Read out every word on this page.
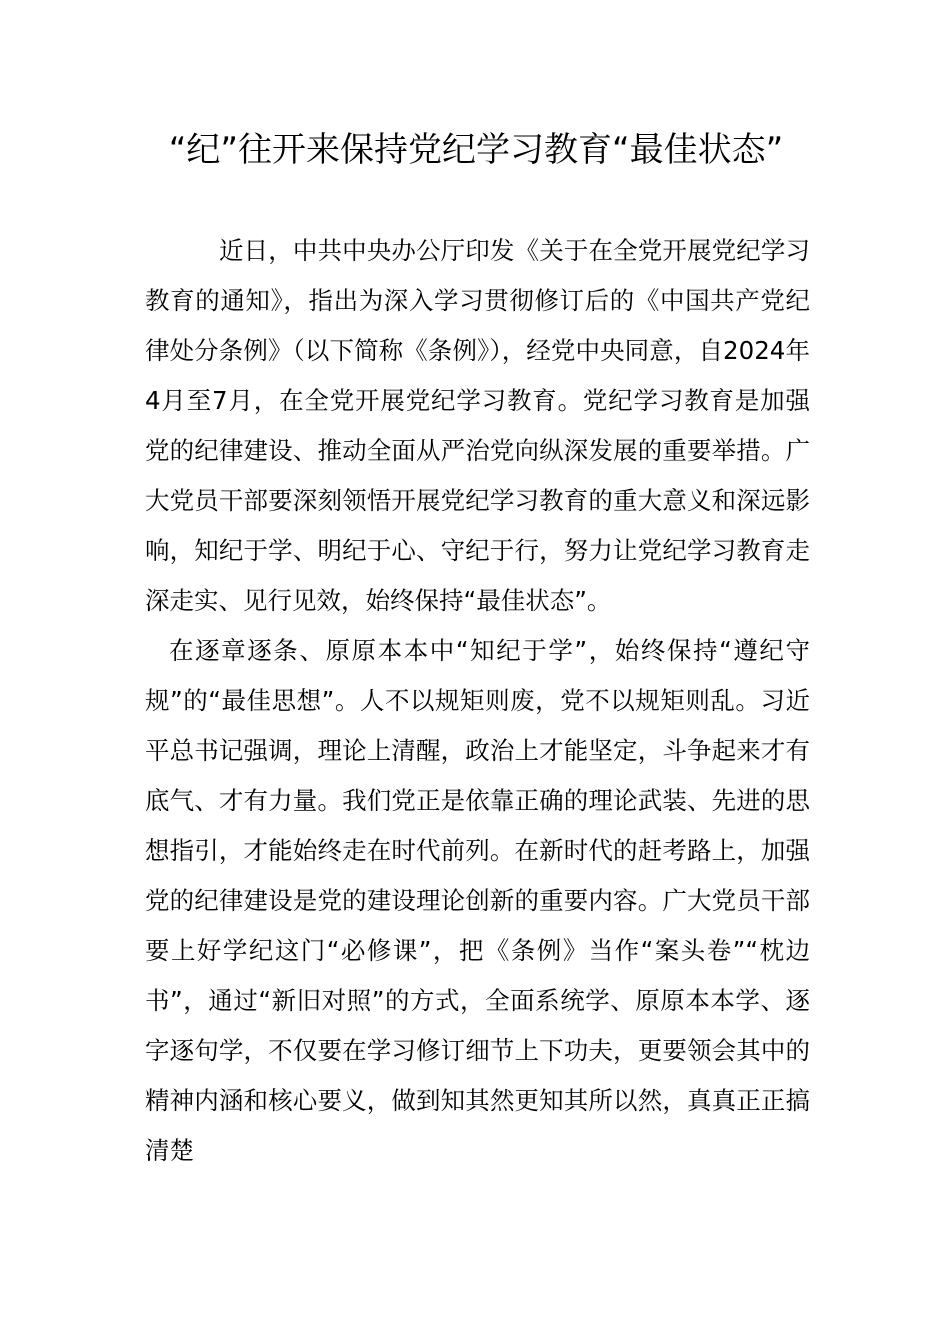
“纪”往开来保持党纪学习教育“最佳状态”

近日，中共中央办公厅印发《关于在全党开展党纪学习教育的通知》，指出为深入学习贯彻修订后的《中国共产党纪律处分条例》（以下简称《条例》），经党中央同意，自2024年4月至7月，在全党开展党纪学习教育。党纪学习教育是加强党的纪律建设、推动全面从严治党向纵深发展的重要举措。广大党员干部要深刻领悟开展党纪学习教育的重大意义和深远影响，知纪于学、明纪于心、守纪于行，努力让党纪学习教育走深走实、见行见效，始终保持“最佳状态”。

在逐章逐条、原原本本中“知纪于学”，始终保持“遵纪守规”的“最佳思想”。人不以规矩则废，党不以规矩则乱。习近平总书记强调，理论上清醒，政治上才能坚定，斗争起来才有底气、才有力量。我们党正是依靠正确的理论武装、先进的思想指引，才能始终走在时代前列。在新时代的赶考路上，加强党的纪律建设是党的建设理论创新的重要内容。广大党员干部要上好学纪这门“必修课”，把《条例》当作“案头卷”“枕边书”，通过“新旧对照”的方式，全面系统学、原原本本学、逐字逐句学，不仅要在学习修订细节上下功夫，更要领会其中的精神内涵和核心要义，做到知其然更知其所以然，真真正正搞清楚
